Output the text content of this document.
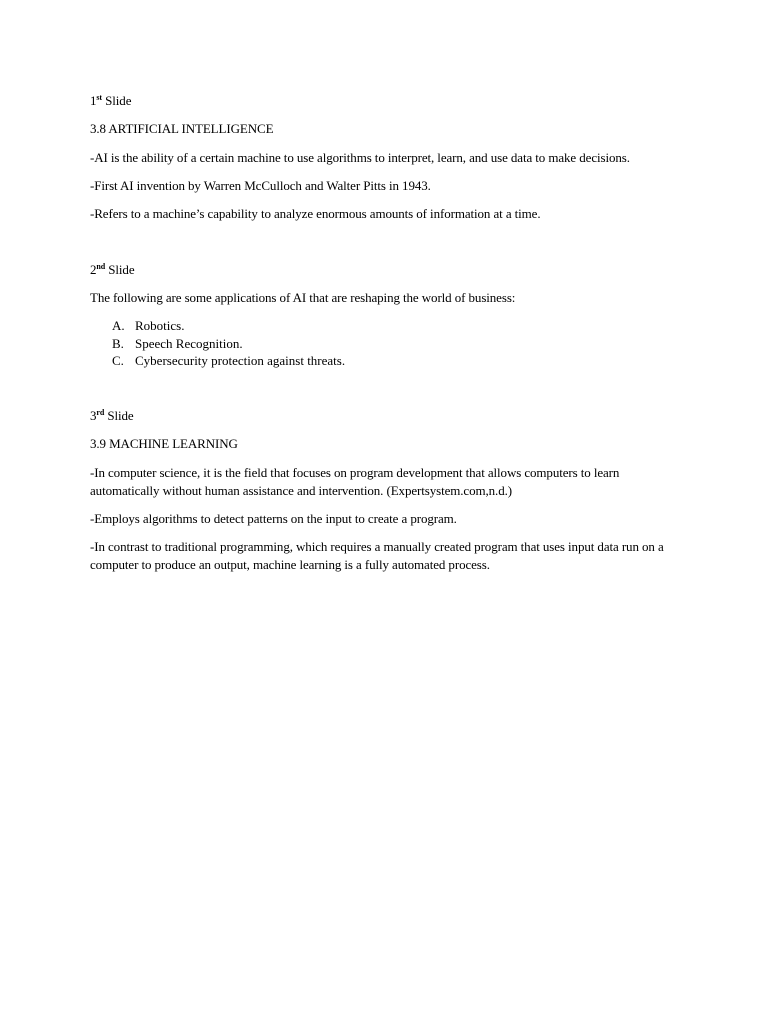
1st Slide
3.8 ARTIFICIAL INTELLIGENCE
-AI is the ability of a certain machine to use algorithms to interpret, learn, and use data to make decisions.
-First AI invention by Warren McCulloch and Walter Pitts in 1943.
-Refers to a machine’s capability to analyze enormous amounts of information at a time.
2nd Slide
The following are some applications of AI that are reshaping the world of business:
A. Robotics.
B. Speech Recognition.
C. Cybersecurity protection against threats.
3rd Slide
3.9 MACHINE LEARNING
-In computer science, it is the field that focuses on program development that allows computers to learn automatically without human assistance and intervention. (Expertsystem.com,n.d.)
-Employs algorithms to detect patterns on the input to create a program.
-In contrast to traditional programming, which requires a manually created program that uses input data run on a computer to produce an output, machine learning is a fully automated process.
